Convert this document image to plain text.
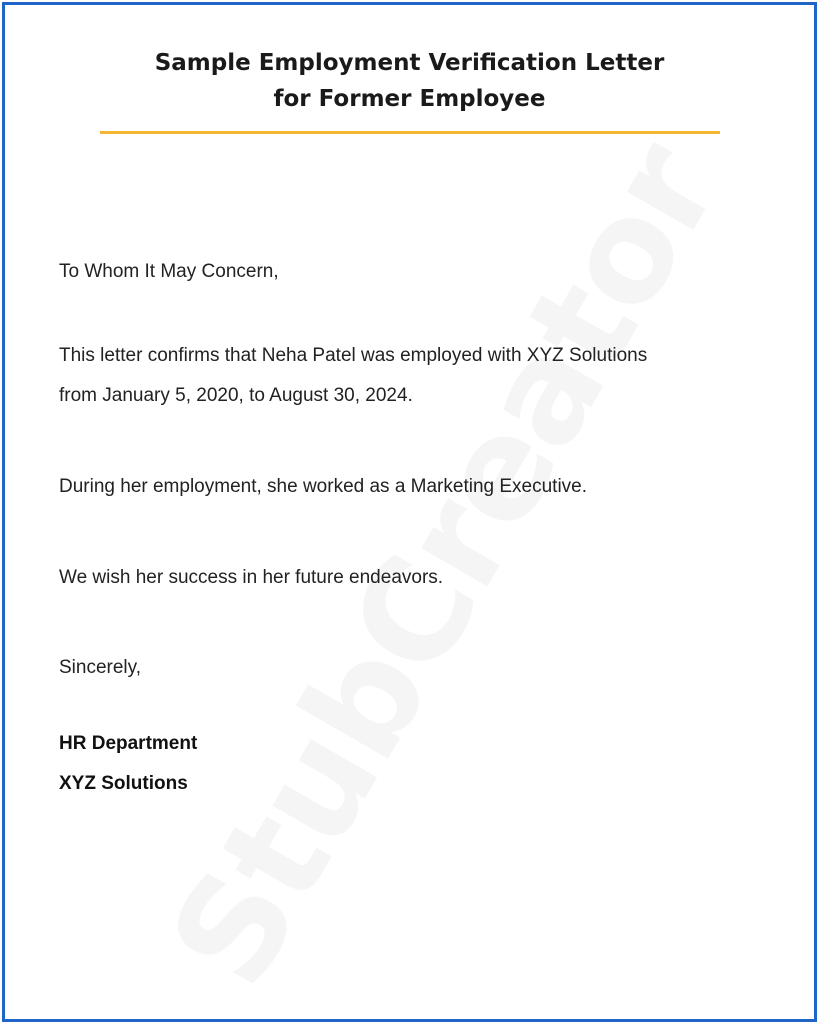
Sample Employment Verification Letter
for Former Employee

To Whom It May Concern,

This letter confirms that Neha Patel was employed with XYZ Solutions
from January 5, 2020, to August 30, 2024.

During her employment, she worked as a Marketing Executive.

We wish her success in her future endeavors.

Sincerely,

HR Department
XYZ Solutions
